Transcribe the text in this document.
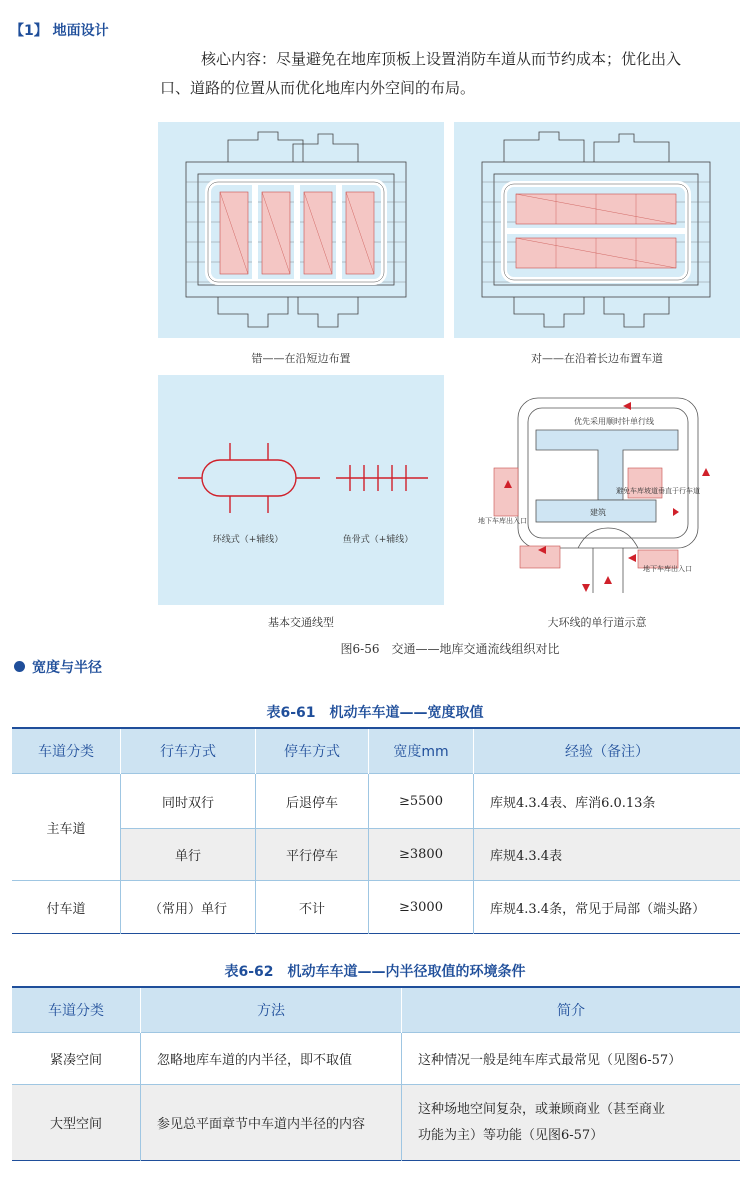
【1】 地面设计
核心内容：尽量避免在地库顶板上设置消防车道从而节约成本；优化出入
口、道路的位置从而优化地库内外空间的布局。
错——在沿短边布置	对——在沿着长边布置车道
环线式（+辅线）	鱼骨式（+辅线）
基本交通线型
优先采用顺时针单行线
建筑
避免车库坡道垂直于行车道
地下车库出入口
地下车库出入口
大环线的单行道示意
图6-56　交通——地库交通流线组织对比
宽度与半径
表6-61　机动车车道——宽度取值
车道分类	行车方式	停车方式	宽度mm	经验（备注）
主车道	同时双行	后退停车	≥5500	库规4.3.4表、库消6.0.13条
	单行	平行停车	≥3800	库规4.3.4表
付车道	（常用）单行	不计	≥3000	库规4.3.4条，常见于局部（端头路）
表6-62　机动车车道——内半径取值的环境条件
车道分类	方法	简介
紧凑空间	忽略地库车道的内半径，即不取值	这种情况一般是纯车库式最常见（见图6-57）

大型空间	参见总平面章节中车道内半径的内容	这种场地空间复杂，或兼顾商业（甚至商业
功能为主）等功能（见图6-57）
